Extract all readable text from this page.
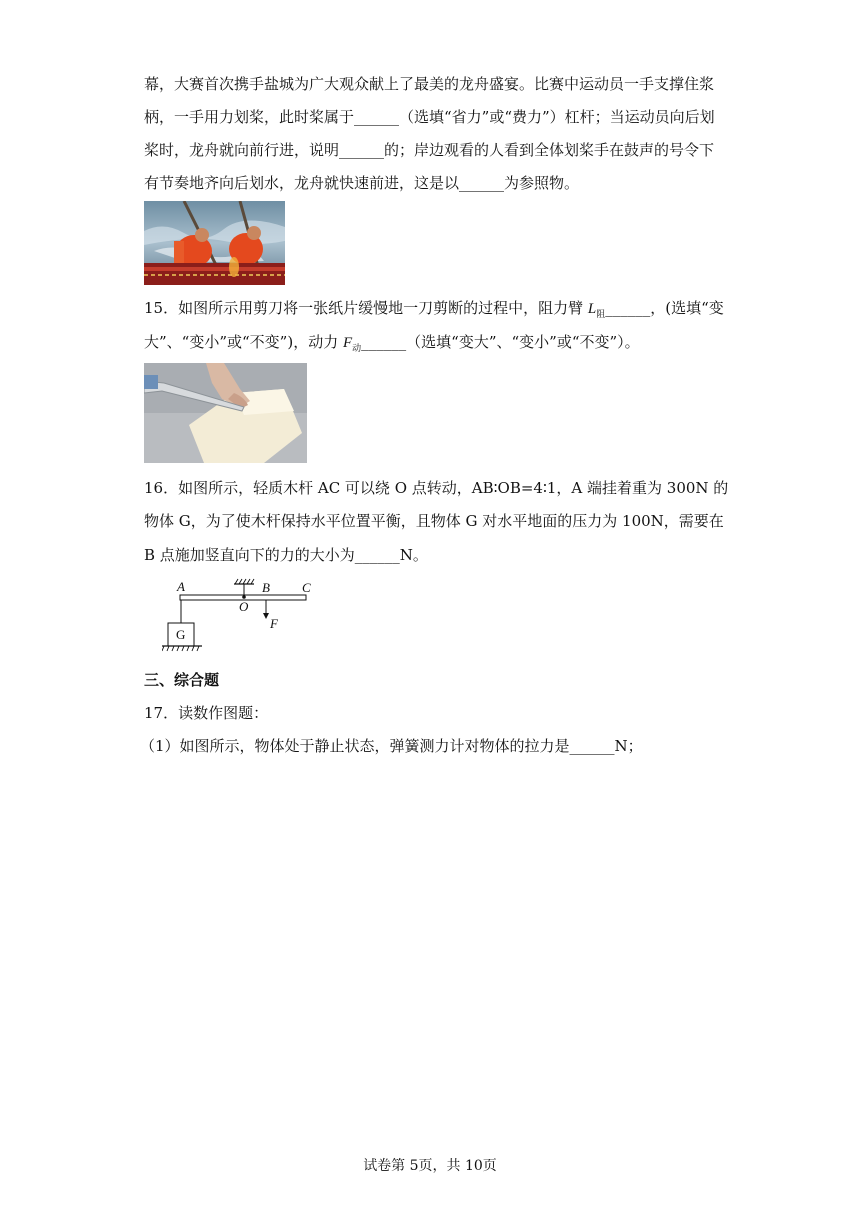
幕，大赛首次携手盐城为广大观众献上了最美的龙舟盛宴。比赛中运动员一手支撑住浆
柄，一手用力划桨，此时桨属于______（选填“省力”或“费力”）杠杆；当运动员向后划
桨时，龙舟就向前行进，说明______的；岸边观看的人看到全体划桨手在鼓声的号令下
有节奏地齐向后划水，龙舟就快速前进，这是以______为参照物。
15．如图所示用剪刀将一张纸片缓慢地一刀剪断的过程中，阻力臂 $L_阻\_\_\_\_\_\_$，(选填“变
大”、“变小”或“不变”)，动力 $F_动\_\_\_\_\_\_$（选填“变大”、“变小”或“不变”）。
16．如图所示，轻质木杆 AC 可以绕 O 点转动，AB∶OB=4∶1，A 端挂着重为 300N 的
物体 G，为了使木杆保持水平位置平衡，且物体 G 对水平地面的压力为 100N，需要在
B 点施加竖直向下的力的大小为______N。
A
O
B C
F
G
三、综合题
17．读数作图题：
（1）如图所示，物体处于静止状态，弹簧测力计对物体的拉力是______N；
试卷第 5页，共 10页
